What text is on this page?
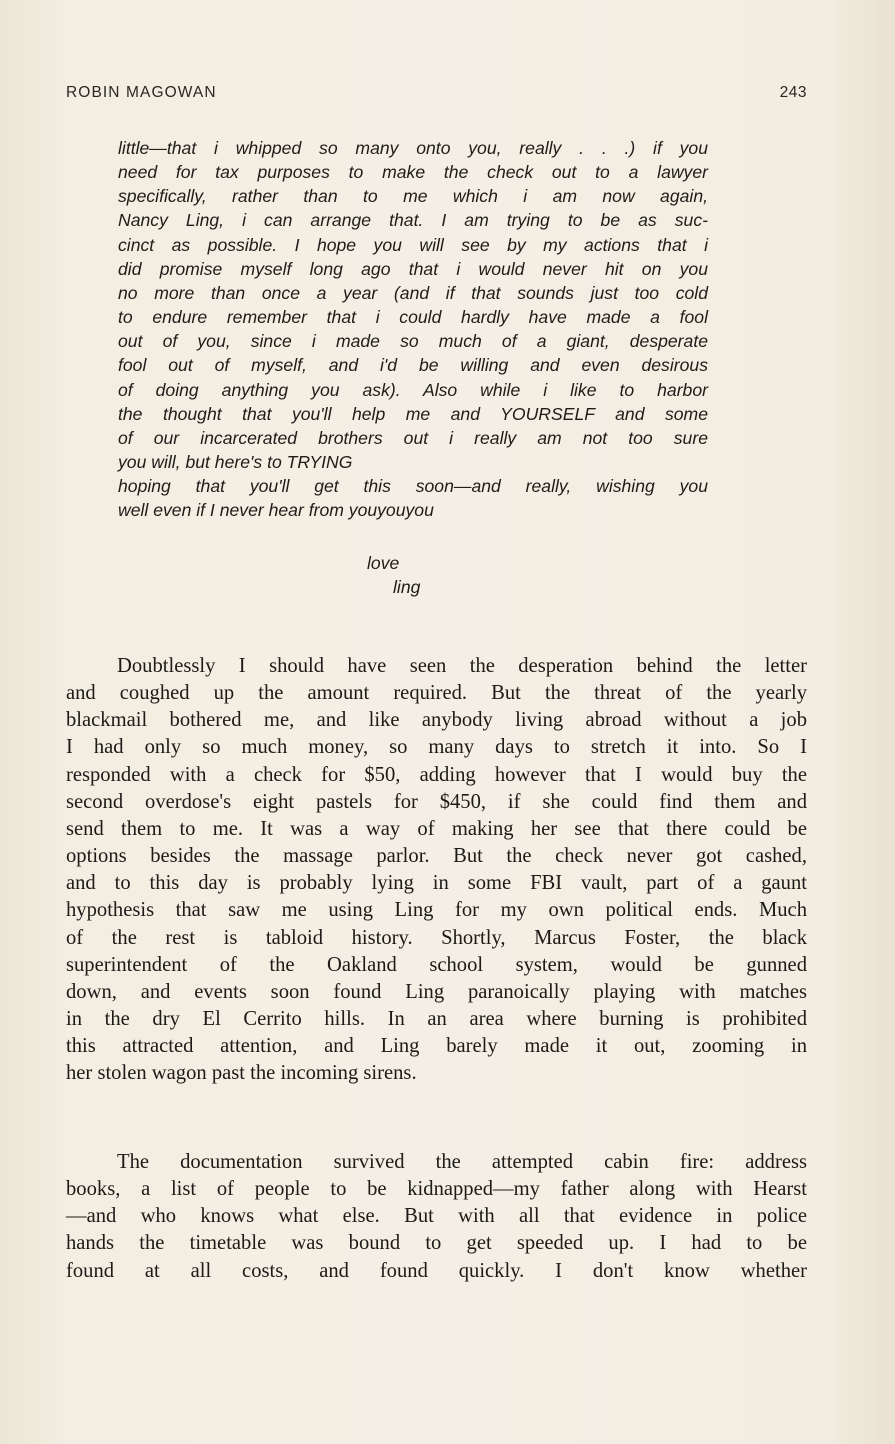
ROBIN MAGOWAN	243
little—that i whipped so many onto you, really . . .) if you
need for tax purposes to make the check out to a lawyer
specifically, rather than to me which i am now again,
Nancy Ling, i can arrange that. I am trying to be as suc-
cinct as possible. I hope you will see by my actions that i
did promise myself long ago that i would never hit on you
no more than once a year (and if that sounds just too cold
to endure remember that i could hardly have made a fool
out of you, since i made so much of a giant, desperate
fool out of myself, and i'd be willing and even desirous
of doing anything you ask). Also while i like to harbor
the thought that you'll help me and YOURSELF and some
of our incarcerated brothers out i really am not too sure
you will, but here's to TRYING
hoping that you'll get this soon—and really, wishing you
well even if I never hear from youyouyou
love
ling
Doubtlessly I should have seen the desperation behind the letter
and coughed up the amount required. But the threat of the yearly
blackmail bothered me, and like anybody living abroad without a job
I had only so much money, so many days to stretch it into. So I
responded with a check for $50, adding however that I would buy the
second overdose's eight pastels for $450, if she could find them and
send them to me. It was a way of making her see that there could be
options besides the massage parlor. But the check never got cashed,
and to this day is probably lying in some FBI vault, part of a gaunt
hypothesis that saw me using Ling for my own political ends. Much
of the rest is tabloid history. Shortly, Marcus Foster, the black
superintendent of the Oakland school system, would be gunned
down, and events soon found Ling paranoically playing with matches
in the dry El Cerrito hills. In an area where burning is prohibited
this attracted attention, and Ling barely made it out, zooming in
her stolen wagon past the incoming sirens.
The documentation survived the attempted cabin fire: address
books, a list of people to be kidnapped—my father along with Hearst
—and who knows what else. But with all that evidence in police
hands the timetable was bound to get speeded up. I had to be
found at all costs, and found quickly. I don't know whether
